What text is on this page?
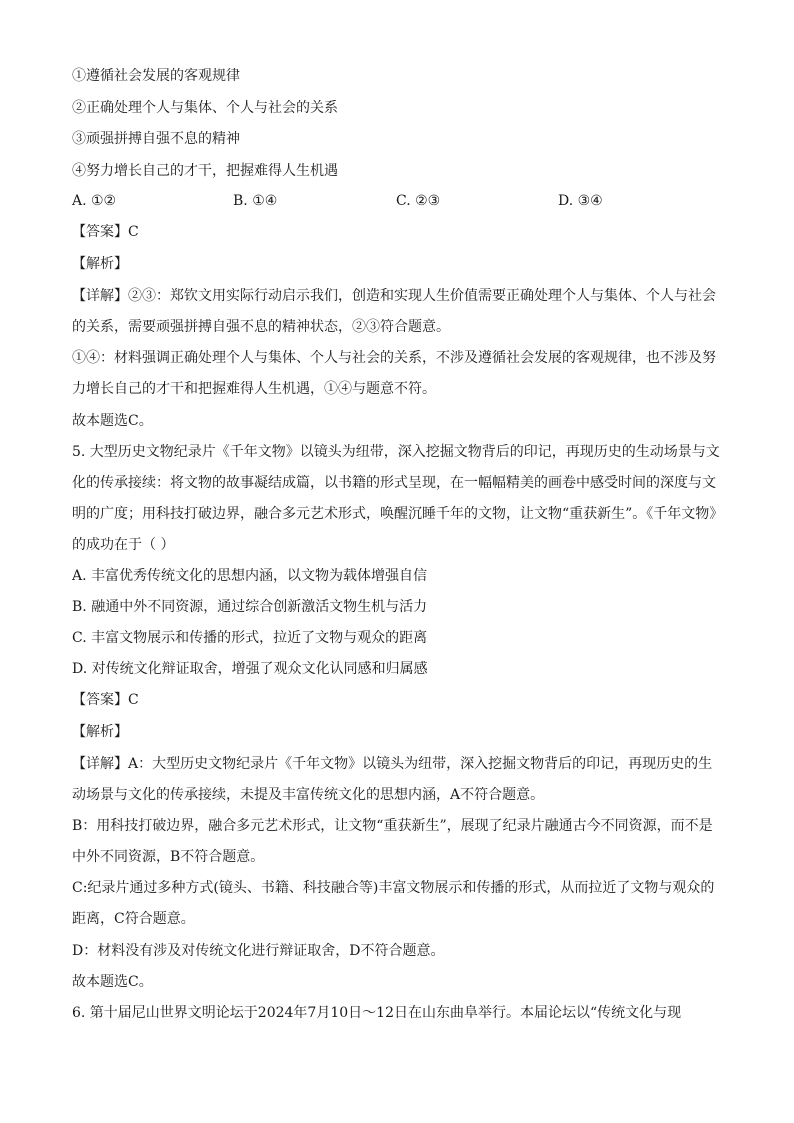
①遵循社会发展的客观规律
②正确处理个人与集体、个人与社会的关系
③顽强拼搏自强不息的精神
④努力增长自己的才干，把握难得人生机遇
A. ①②	B. ①④	C. ②③	D. ③④
【答案】C
【解析】
【详解】②③：郑钦文用实际行动启示我们，创造和实现人生价值需要正确处理个人与集体、个人与社会
的关系，需要顽强拼搏自强不息的精神状态，②③符合题意。
①④：材料强调正确处理个人与集体、个人与社会的关系，不涉及遵循社会发展的客观规律，也不涉及努
力增长自己的才干和把握难得人生机遇，①④与题意不符。
故本题选C。
5. 大型历史文物纪录片《千年文物》以镜头为纽带，深入挖掘文物背后的印记，再现历史的生动场景与文
化的传承接续：将文物的故事凝结成篇，以书籍的形式呈现，在一幅幅精美的画卷中感受时间的深度与文
明的广度；用科技打破边界，融合多元艺术形式，唤醒沉睡千年的文物，让文物“重获新生”。《千年文物》
的成功在于（ ）
A. 丰富优秀传统文化的思想内涵，以文物为载体增强自信
B. 融通中外不同资源，通过综合创新激活文物生机与活力
C. 丰富文物展示和传播的形式，拉近了文物与观众的距离
D. 对传统文化辩证取舍，增强了观众文化认同感和归属感
【答案】C
【解析】
【详解】A：大型历史文物纪录片《千年文物》以镜头为纽带，深入挖掘文物背后的印记，再现历史的生
动场景与文化的传承接续，未提及丰富传统文化的思想内涵，A不符合题意。
B：用科技打破边界，融合多元艺术形式，让文物“重获新生”，展现了纪录片融通古今不同资源，而不是
中外不同资源，B不符合题意。
C:纪录片通过多种方式(镜头、书籍、科技融合等)丰富文物展示和传播的形式，从而拉近了文物与观众的
距离，C符合题意。
D：材料没有涉及对传统文化进行辩证取舍，D不符合题意。
故本题选C。
6. 第十届尼山世界文明论坛于2024年7月10日～12日在山东曲阜举行。本届论坛以“传统文化与现
